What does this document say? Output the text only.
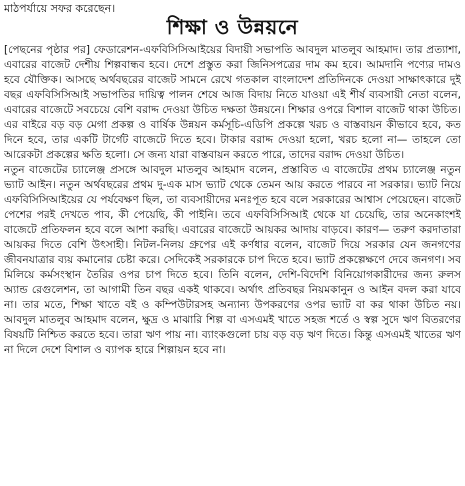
মাঠপর্যায়ে সফর করেছেন।
শিক্ষা ও উন্নয়নে

[পেছনের পৃষ্ঠার পর] ফেডারেশন-এফবিসিসিআইয়ের বিদায়ী সভাপতি আবদুল মাতলুব আহমাদ। তার প্রত্যাশা, এবারের বাজেট দেশীয় শিল্পবান্ধব হবে। দেশে প্রস্তুত করা জিনিসপত্রের দাম কম হবে। আমদানি পণ্যের দামও হবে যৌক্তিক। আসছে অর্থবছরের বাজেট সামনে রেখে গতকাল বাংলাদেশ প্রতিদিনকে দেওয়া সাক্ষাৎকারে দুই বছর এফবিসিসিআই সভাপতির দায়িত্ব পালন শেষে আজ বিদায় নিতে যাওয়া এই শীর্ষ ব্যবসায়ী নেতা বলেন, এবারের বাজেটে সবচেয়ে বেশি বরাদ্দ দেওয়া উচিত দক্ষতা উন্নয়নে। শিক্ষার ওপরে বিশাল বাজেট থাকা উচিত। এর বাইরে বড় বড় মেগা প্রকল্প ও বার্ষিক উন্নয়ন কর্মসূচি-এডিপি প্রকল্পে খরচ ও বাস্তবায়ন কীভাবে হবে, কত দিনে হবে, তার একটি টার্গেট বাজেটে দিতে হবে। টাকার বরাদ্দ দেওয়া হলো, খরচ হলো না— তাহলে তো আরেকটা প্রকল্পের ক্ষতি হলো। সে জন্য যারা বাস্তবায়ন করতে পারে, তাদের বরাদ্দ দেওয়া উচিত।

নতুন বাজেটের চ্যালেঞ্জ প্রসঙ্গে আবদুল মাতলুব আহমাদ বলেন, প্রস্তাবিত এ বাজেটের প্রথম চ্যালেঞ্জ নতুন ভ্যাট আইন। নতুন অর্থবছরের প্রথম দু-এক মাস ভ্যাট থেকে তেমন আয় করতে পারবে না সরকার। ভ্যাট নিয়ে এফবিসিসিআইয়ের যে পর্যবেক্ষণ ছিল, তা ব্যবসায়ীদের মনঃপূত হবে বলে সরকারের আশ্বাস পেয়েছেন। বাজেট পেশের পরই দেখতে পাব, কী পেয়েছি, কী পাইনি। তবে এফবিসিসিআই থেকে যা চেয়েছি, তার অনেকাংশই বাজেটে প্রতিফলন হবে বলে আশা করছি। এবারের বাজেটে আয়কর আদায় বাড়বে। কারণ— তরুণ করদাতারা আয়কর দিতে বেশি উৎসাহী। নিটল-নিলয় গ্রুপের এই কর্ণধার বলেন, বাজেট দিয়ে সরকার যেন জনগণের জীবনযাত্রার ব্যয় কমানোর চেষ্টা করে। সেদিকেই সরকারকে চাপ দিতে হবে। ভ্যাট প্রকল্পেক্ষণে দেবে জনগণ। সব মিলিয়ে কর্মসংস্থান তৈরির ওপর চাপ দিতে হবে। তিনি বলেন, দেশি-বিদেশি বিনিয়োগকারীদের জন্য রুলস অ্যান্ড রেগুলেশন, তা আগামী তিন বছর একই থাকবে। অর্থাৎ প্রতিবছর নিয়মকানুন ও আইন বদল করা যাবে না। তার মতে, শিক্ষা খাতে বই ও কম্পিউটারসহ অন্যান্য উপকরণের ওপর ভ্যাট বা কর থাকা উচিত নয়। আবদুল মাতলুব আহমাদ বলেন, ক্ষুদ্র ও মাঝারি শিল্প বা এসএমই খাতে সহজ শর্তে ও স্বল্প সুদে ঋণ বিতরণের বিষয়টি নিশ্চিত করতে হবে। তারা ঋণ পায় না। ব্যাংকগুলো চায় বড় বড় ঋণ দিতে। কিন্তু এসএমই খাতের ঋণ না দিলে দেশে বিশাল ও ব্যাপক হারে শিল্পায়ন হবে না।
